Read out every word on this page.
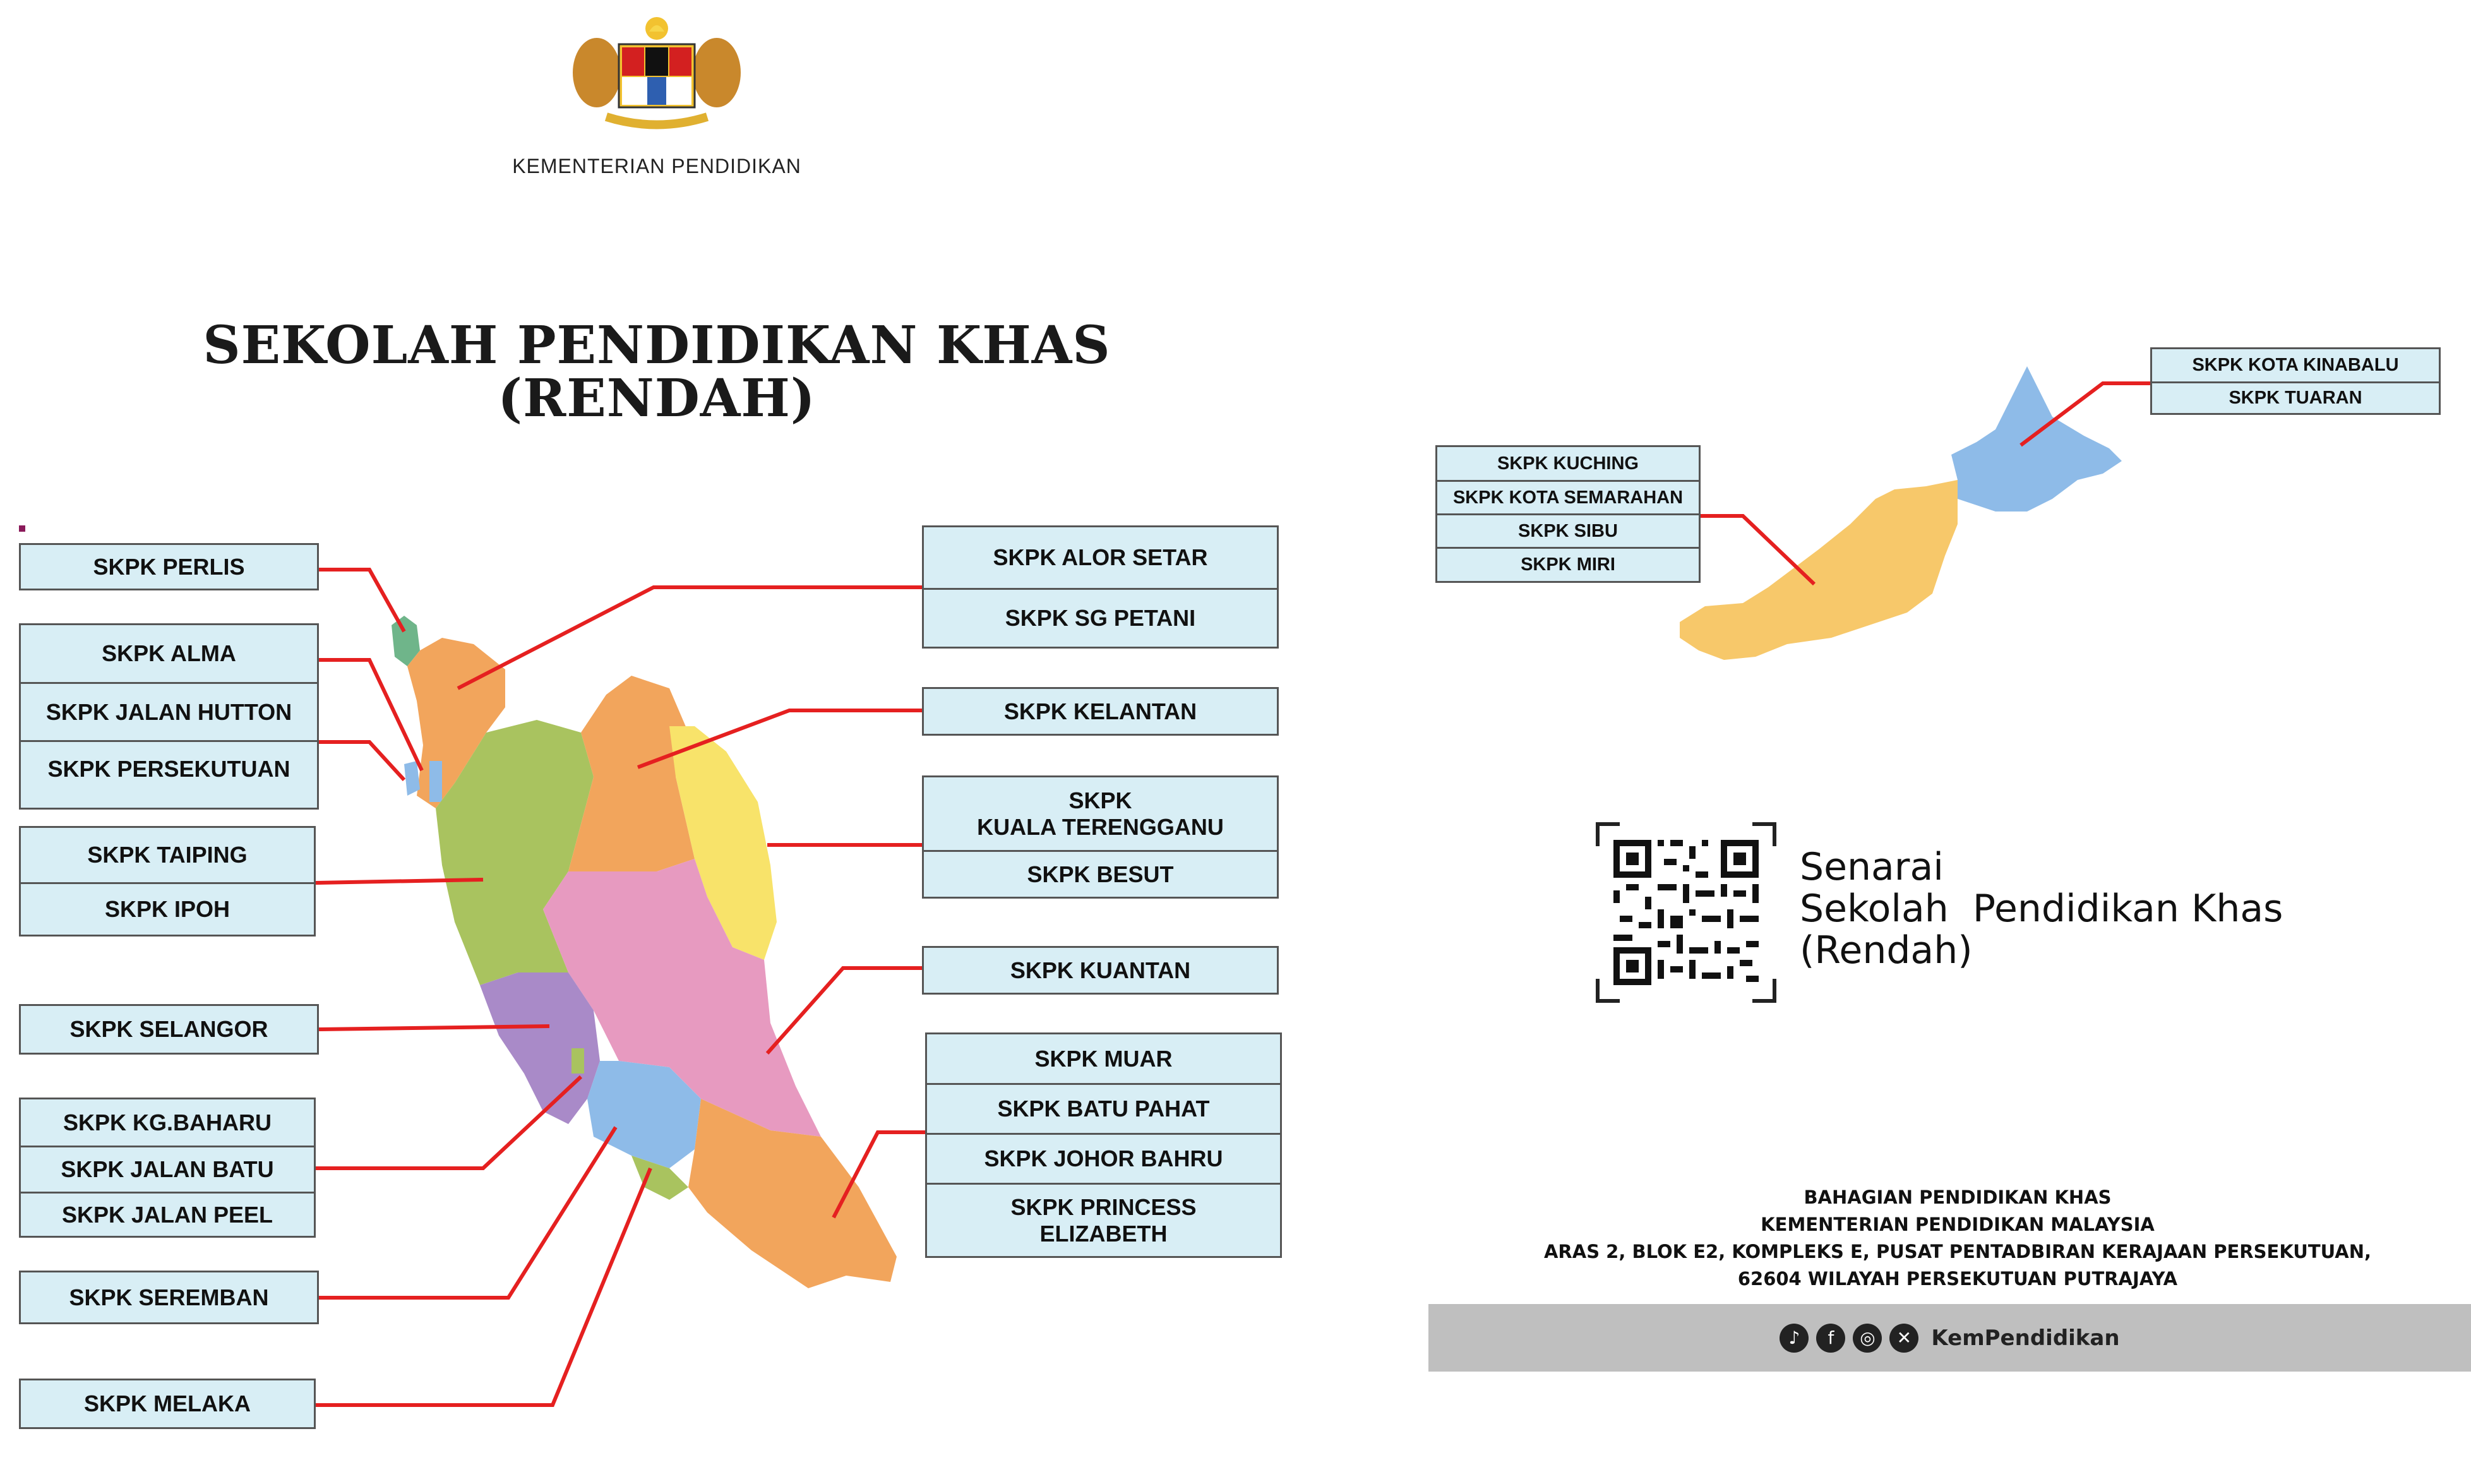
KEMENTERIAN PENDIDIKAN
SEKOLAH PENDIDIKAN KHAS
(RENDAH)
SKPK PERLIS
SKPK ALMA
SKPK JALAN HUTTON
SKPK PERSEKUTUAN
SKPK TAIPING
SKPK IPOH
SKPK SELANGOR
SKPK KG.BAHARU
SKPK JALAN BATU
SKPK JALAN PEEL
SKPK SEREMBAN
SKPK MELAKA
SKPK ALOR SETAR
SKPK SG PETANI
SKPK KELANTAN
SKPK
KUALA TERENGGANU
SKPK BESUT
SKPK KUANTAN
SKPK MUAR
SKPK BATU PAHAT
SKPK JOHOR BAHRU
SKPK PRINCESS
ELIZABETH
SKPK KOTA KINABALU
SKPK TUARAN
SKPK KUCHING
SKPK KOTA SEMARAHAN
SKPK SIBU
SKPK MIRI
Senarai
Sekolah  Pendidikan Khas
(Rendah)
BAHAGIAN PENDIDIKAN KHAS
KEMENTERIAN PENDIDIKAN MALAYSIA
ARAS 2, BLOK E2, KOMPLEKS E, PUSAT PENTADBIRAN KERAJAAN PERSEKUTUAN,
62604 WILAYAH PERSEKUTUAN PUTRAJAYA
♪	f	◎	✕ KemPendidikan
